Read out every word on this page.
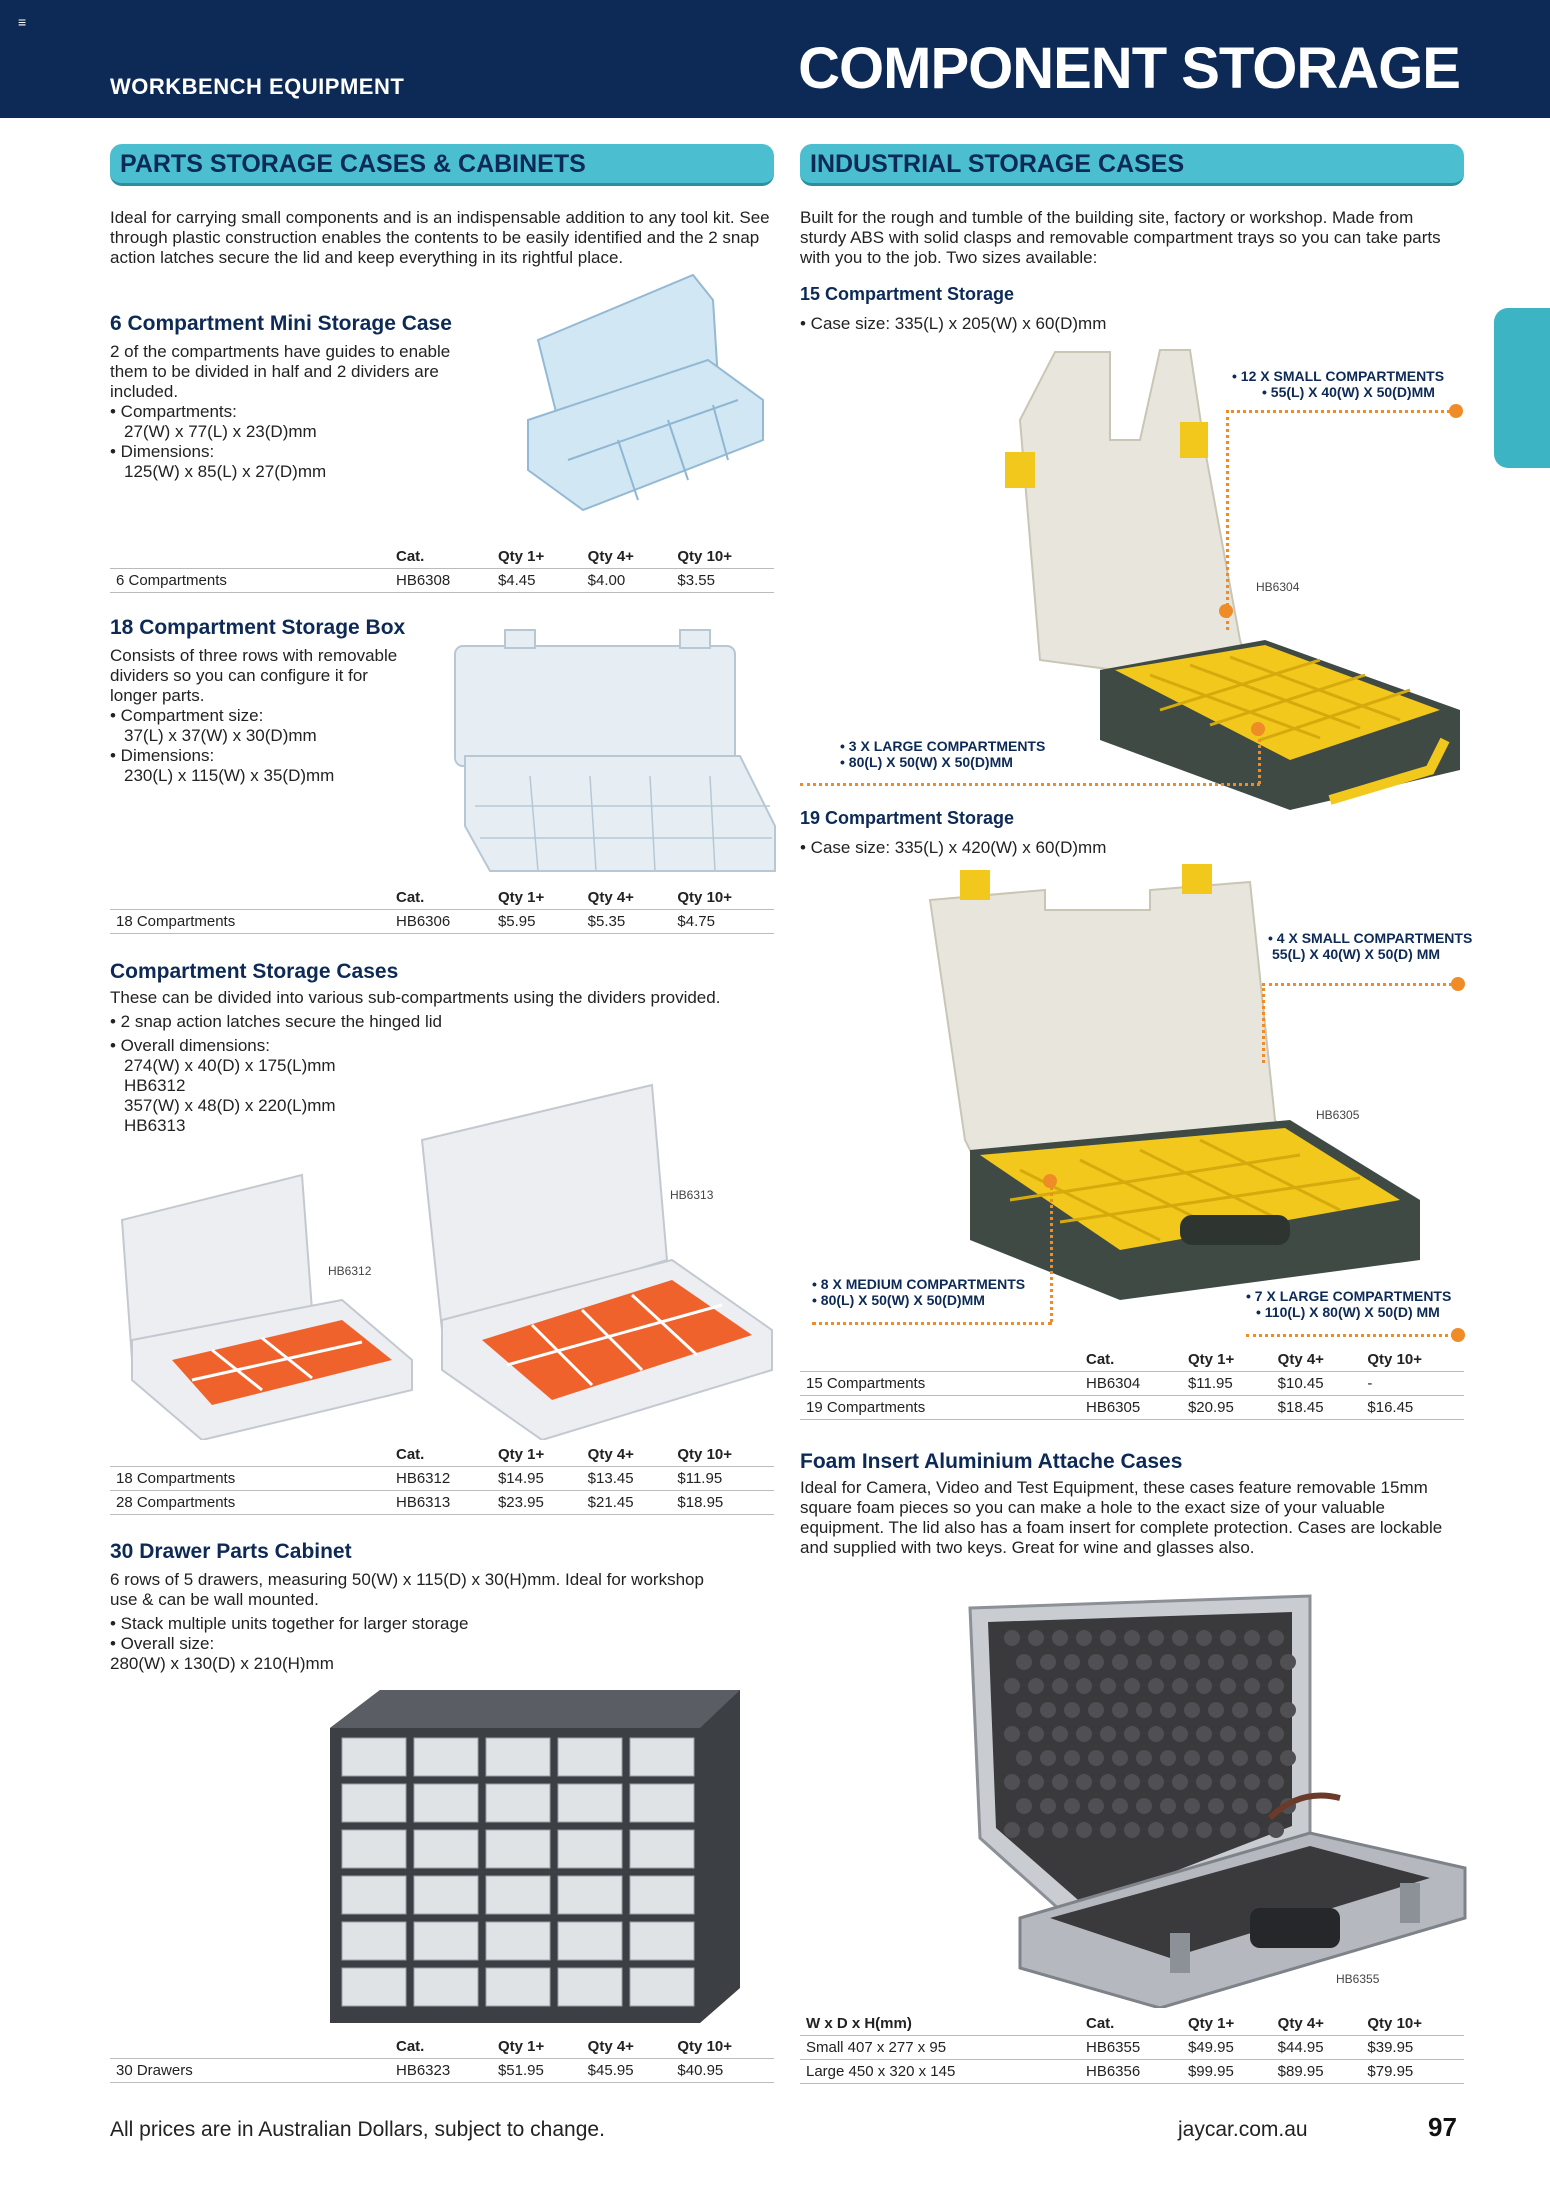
≡
WORKBENCH EQUIPMENT	COMPONENT STORAGE
PARTS STORAGE CASES & CABINETS
Ideal for carrying small components and is an indispensable addition to any tool kit. See through plastic construction enables the contents to be easily identified and the 2 snap action latches secure the lid and keep everything in its rightful place.
6 Compartment Mini Storage Case
2 of the compartments have guides to enable them to be divided in half and 2 dividers are included.
• Compartments:
27(W) x 77(L) x 23(D)mm
• Dimensions:
125(W) x 85(L) x 27(D)mm
	Cat.	Qty 1+	Qty 4+	Qty 10+
6 Compartments	HB6308	$4.45	$4.00	$3.55
18 Compartment Storage Box
Consists of three rows with removable dividers so you can configure it for longer parts.
• Compartment size:
37(L) x 37(W) x 30(D)mm
• Dimensions:
230(L) x 115(W) x 35(D)mm
	Cat.	Qty 1+	Qty 4+	Qty 10+
18 Compartments	HB6306	$5.95	$5.35	$4.75
Compartment Storage Cases
These can be divided into various sub-compartments using the dividers provided.
• 2 snap action latches secure the hinged lid
• Overall dimensions:
274(W) x 40(D) x 175(L)mm
HB6312
357(W) x 48(D) x 220(L)mm
HB6313
HB6312
HB6313
	Cat.	Qty 1+	Qty 4+	Qty 10+
18 Compartments	HB6312	$14.95	$13.45	$11.95
28 Compartments	HB6313	$23.95	$21.45	$18.95
30 Drawer Parts Cabinet
6 rows of 5 drawers, measuring 50(W) x 115(D) x 30(H)mm. Ideal for workshop use & can be wall mounted.
• Stack multiple units together for larger storage
• Overall size:
280(W) x 130(D) x 210(H)mm
	Cat.	Qty 1+	Qty 4+	Qty 10+
30 Drawers	HB6323	$51.95	$45.95	$40.95
INDUSTRIAL STORAGE CASES
Built for the rough and tumble of the building site, factory or workshop. Made from sturdy ABS with solid clasps and removable compartment trays so you can take parts with you to the job. Two sizes available:
15 Compartment Storage
• Case size: 335(L) x 205(W) x 60(D)mm
HB6304
• 12 X SMALL COMPARTMENTS
• 55(L) X 40(W) X 50(D)MM
• 3 X LARGE COMPARTMENTS
• 80(L) X 50(W) X 50(D)MM
19 Compartment Storage
• Case size: 335(L) x 420(W) x 60(D)mm
HB6305
• 4 X SMALL COMPARTMENTS
55(L) X 40(W) X 50(D) MM
• 8 X MEDIUM COMPARTMENTS
• 80(L) X 50(W) X 50(D)MM	• 7 X LARGE COMPARTMENTS
• 110(L) X 80(W) X 50(D) MM
	Cat.	Qty 1+	Qty 4+	Qty 10+
15 Compartments	HB6304	$11.95	$10.45	-
19 Compartments	HB6305	$20.95	$18.45	$16.45
Foam Insert Aluminium Attache Cases
Ideal for Camera, Video and Test Equipment, these cases feature removable 15mm square foam pieces so you can make a hole to the exact size of your valuable equipment. The lid also has a foam insert for complete protection. Cases are lockable and supplied with two keys. Great for wine and glasses also.
HB6355
W x D x H(mm)	Cat.	Qty 1+	Qty 4+	Qty 10+
Small 407 x 277 x 95	HB6355	$49.95	$44.95	$39.95
Large 450 x 320 x 145	HB6356	$99.95	$89.95	$79.95
All prices are in Australian Dollars, subject to change.	jaycar.com.au	97
